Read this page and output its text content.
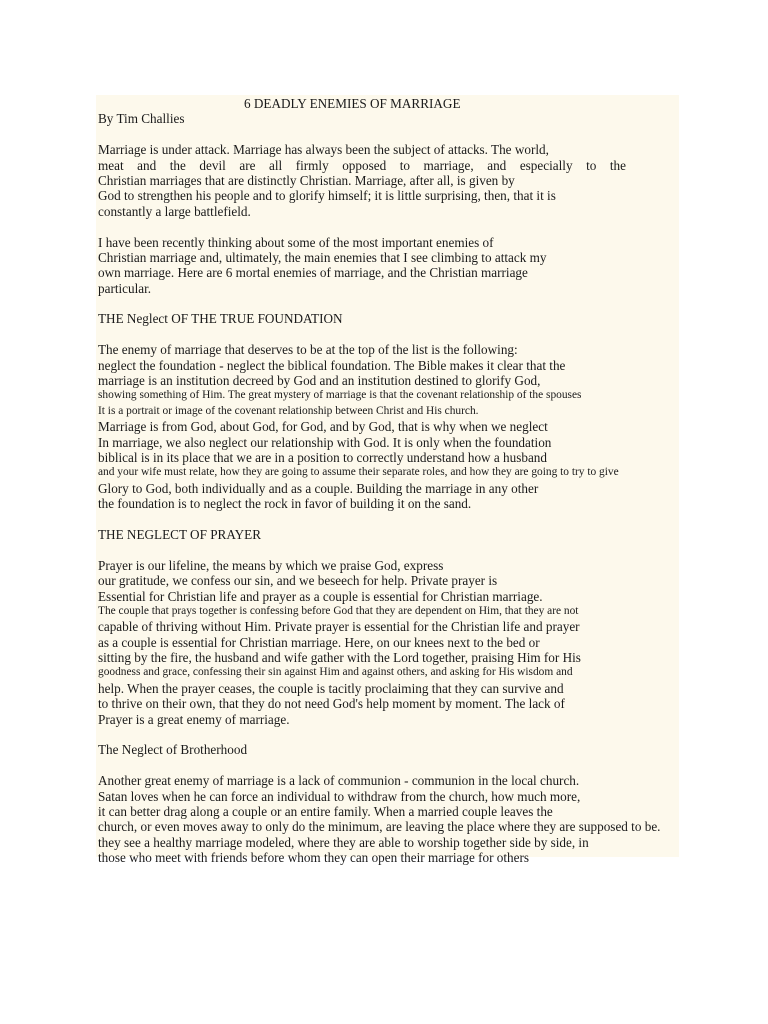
6 DEADLY ENEMIES OF MARRIAGE
By Tim Challies
Marriage is under attack. Marriage has always been the subject of attacks. The world,
meat and the devil are all firmly opposed to marriage, and especially to the
Christian marriages that are distinctly Christian. Marriage, after all, is given by
God to strengthen his people and to glorify himself; it is little surprising, then, that it is
constantly a large battlefield.
I have been recently thinking about some of the most important enemies of
Christian marriage and, ultimately, the main enemies that I see climbing to attack my
own marriage. Here are 6 mortal enemies of marriage, and the Christian marriage
particular.
THE Neglect OF THE TRUE FOUNDATION
The enemy of marriage that deserves to be at the top of the list is the following:
neglect the foundation - neglect the biblical foundation. The Bible makes it clear that the
marriage is an institution decreed by God and an institution destined to glorify God,
showing something of Him. The great mystery of marriage is that the covenant relationship of the spouses
It is a portrait or image of the covenant relationship between Christ and His church.
Marriage is from God, about God, for God, and by God, that is why when we neglect
In marriage, we also neglect our relationship with God. It is only when the foundation
biblical is in its place that we are in a position to correctly understand how a husband
and your wife must relate, how they are going to assume their separate roles, and how they are going to try to give
Glory to God, both individually and as a couple. Building the marriage in any other
the foundation is to neglect the rock in favor of building it on the sand.
THE NEGLECT OF PRAYER
Prayer is our lifeline, the means by which we praise God, express
our gratitude, we confess our sin, and we beseech for help. Private prayer is
Essential for Christian life and prayer as a couple is essential for Christian marriage.
The couple that prays together is confessing before God that they are dependent on Him, that they are not
capable of thriving without Him. Private prayer is essential for the Christian life and prayer
as a couple is essential for Christian marriage. Here, on our knees next to the bed or
sitting by the fire, the husband and wife gather with the Lord together, praising Him for His
goodness and grace, confessing their sin against Him and against others, and asking for His wisdom and
help. When the prayer ceases, the couple is tacitly proclaiming that they can survive and
to thrive on their own, that they do not need God's help moment by moment. The lack of
Prayer is a great enemy of marriage.
The Neglect of Brotherhood
Another great enemy of marriage is a lack of communion - communion in the local church.
Satan loves when he can force an individual to withdraw from the church, how much more,
it can better drag along a couple or an entire family. When a married couple leaves the
church, or even moves away to only do the minimum, are leaving the place where they are supposed to be.
they see a healthy marriage modeled, where they are able to worship together side by side, in
those who meet with friends before whom they can open their marriage for others
